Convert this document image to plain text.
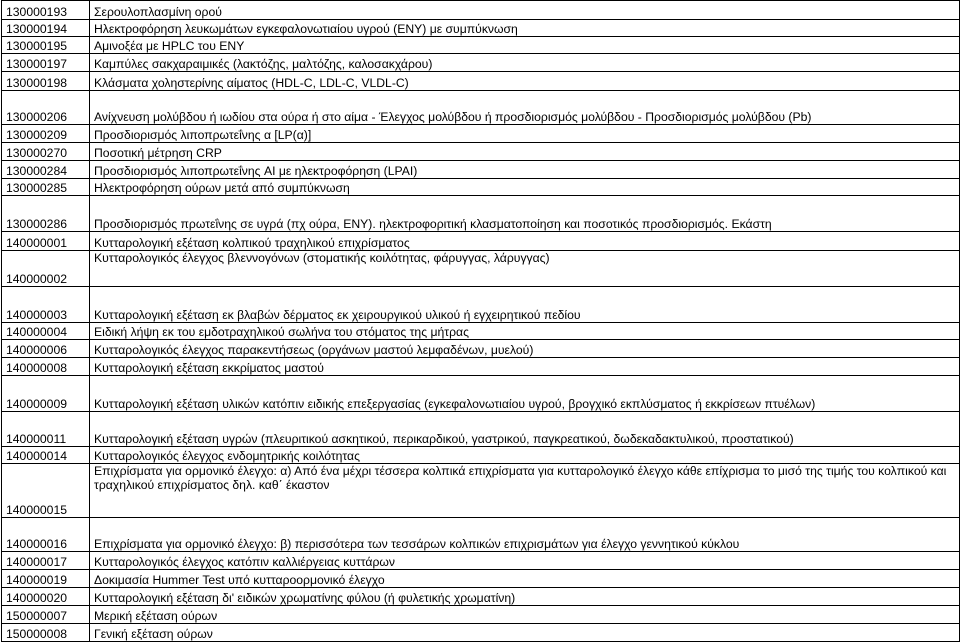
130000193	Σερουλοπλασμίνη ορού
130000194	Ηλεκτροφόρηση λευκωμάτων εγκεφαλονωτιαίου υγρού (ΕΝΥ) με συμπύκνωση
130000195	Αμινοξέα με HPLC του ΕΝΥ
130000197	Καμπύλες σακχαραιμικές (λακτόζης, μαλτόζης, καλοσακχάρου)
130000198	Κλάσματα χοληστερίνης αίματος (HDL-C, LDL-C, VLDL-C)
130000206	Ανίχνευση μολύβδου ή ιωδίου στα ούρα ή στο αίμα - Έλεγχος μολύβδου ή προσδιορισμός μολύβδου - Προσδιορισμός μολύβδου (Pb)
130000209	Προσδιορισμός λιποπρωτεΐνης α [LP(α)]
130000270	Ποσοτική μέτρηση CRP
130000284	Προσδιορισμός λιποπρωτεΐνης AI με ηλεκτροφόρηση (LPAI)
130000285	Ηλεκτροφόρηση ούρων μετά από συμπύκνωση
130000286	Προσδιορισμός πρωτεΐνης σε υγρά (πχ ούρα, ΕΝΥ). ηλεκτροφοριτική κλασματοποίηση και ποσοτικός προσδιορισμός. Εκάστη
140000001	Κυτταρολογική εξέταση κολπικού τραχηλικού επιχρίσματος
140000002	Κυτταρολογικός έλεγχος βλεννογόνων (στοματικής κοιλότητας, φάρυγγας, λάρυγγας)
140000003	Κυτταρολογική εξέταση εκ βλαβών δέρματος εκ χειρουργικού υλικού ή εγχειρητικού πεδίου
140000004	Ειδική λήψη εκ του εμδοτραχηλικού σωλήνα του στόματος της μήτρας
140000006	Κυτταρολογικός έλεγχος παρακεντήσεως (οργάνων μαστού λεμφαδένων, μυελού)
140000008	Κυτταρολογική εξέταση εκκρίματος μαστού
140000009	Κυτταρολογική εξέταση υλικών κατόπιν ειδικής επεξεργασίας (εγκεφαλονωτιαίου υγρού, βρογχικό εκπλύσματος ή εκκρίσεων πτυέλων)
140000011	Κυτταρολογική εξέταση υγρών (πλευριτικού ασκητικού, περικαρδικού, γαστρικού, παγκρεατικού, δωδεκαδακτυλικού, προστατικού)
140000014	Κυτταρολογικός έλεγχος ενδομητρικής κοιλότητας
140000015	Επιχρίσματα για ορμονικό έλεγχο: α) Από ένα μέχρι τέσσερα κολπικά επιχρίσματα για κυτταρολογικό έλεγχο κάθε επίχρισμα το μισό της τιμής του κολπικού και τραχηλικού επιχρίσματος δηλ. καθ΄ έκαστον
140000016	Επιχρίσματα για ορμονικό έλεγχο: β) περισσότερα των τεσσάρων κολπικών επιχρισμάτων για έλεγχο γεννητικού κύκλου
140000017	Κυτταρολογικός έλεγχος κατόπιν καλλιέργειας κυττάρων
140000019	Δοκιμασία Hummer Test υπό κυτταροορμονικό έλεγχο
140000020	Κυτταρολογική εξέταση δι' ειδικών χρωματίνης φύλου (ή φυλετικής χρωματίνη)
150000007	Μερική εξέταση ούρων
150000008	Γενική εξέταση ούρων
